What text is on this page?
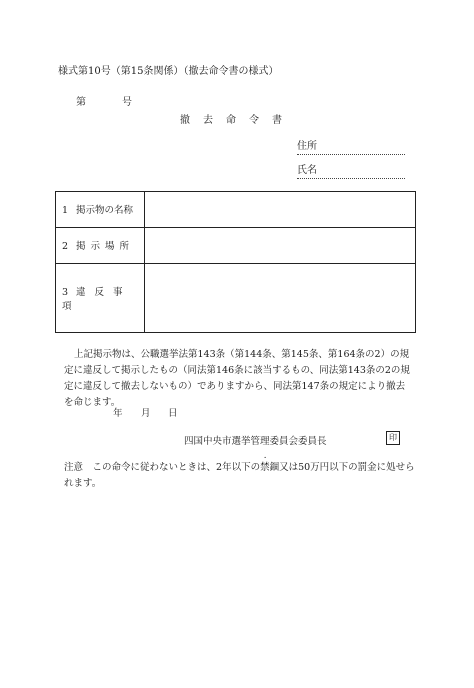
様式第10号（第15条関係）（撤去命令書の様式）
第	号
撤去命令書
住所
氏名
1 掲示物の名称	
2 掲示場所	
3 違反事項	
上記掲示物は、公職選挙法第143条（第144条、第145条、第164条の2）の規定に違反して掲示したもの（同法第146条に該当するもの、同法第143条の2の規定に違反して撤去しないもの）でありますから、同法第147条の規定により撤去を命じます。
年 月 日
四国中央市選挙管理委員会委員長	印
注意　 この命令に従わないときは、2年以下の・ 禁錮又は50万円以下の罰金に処せられます。
